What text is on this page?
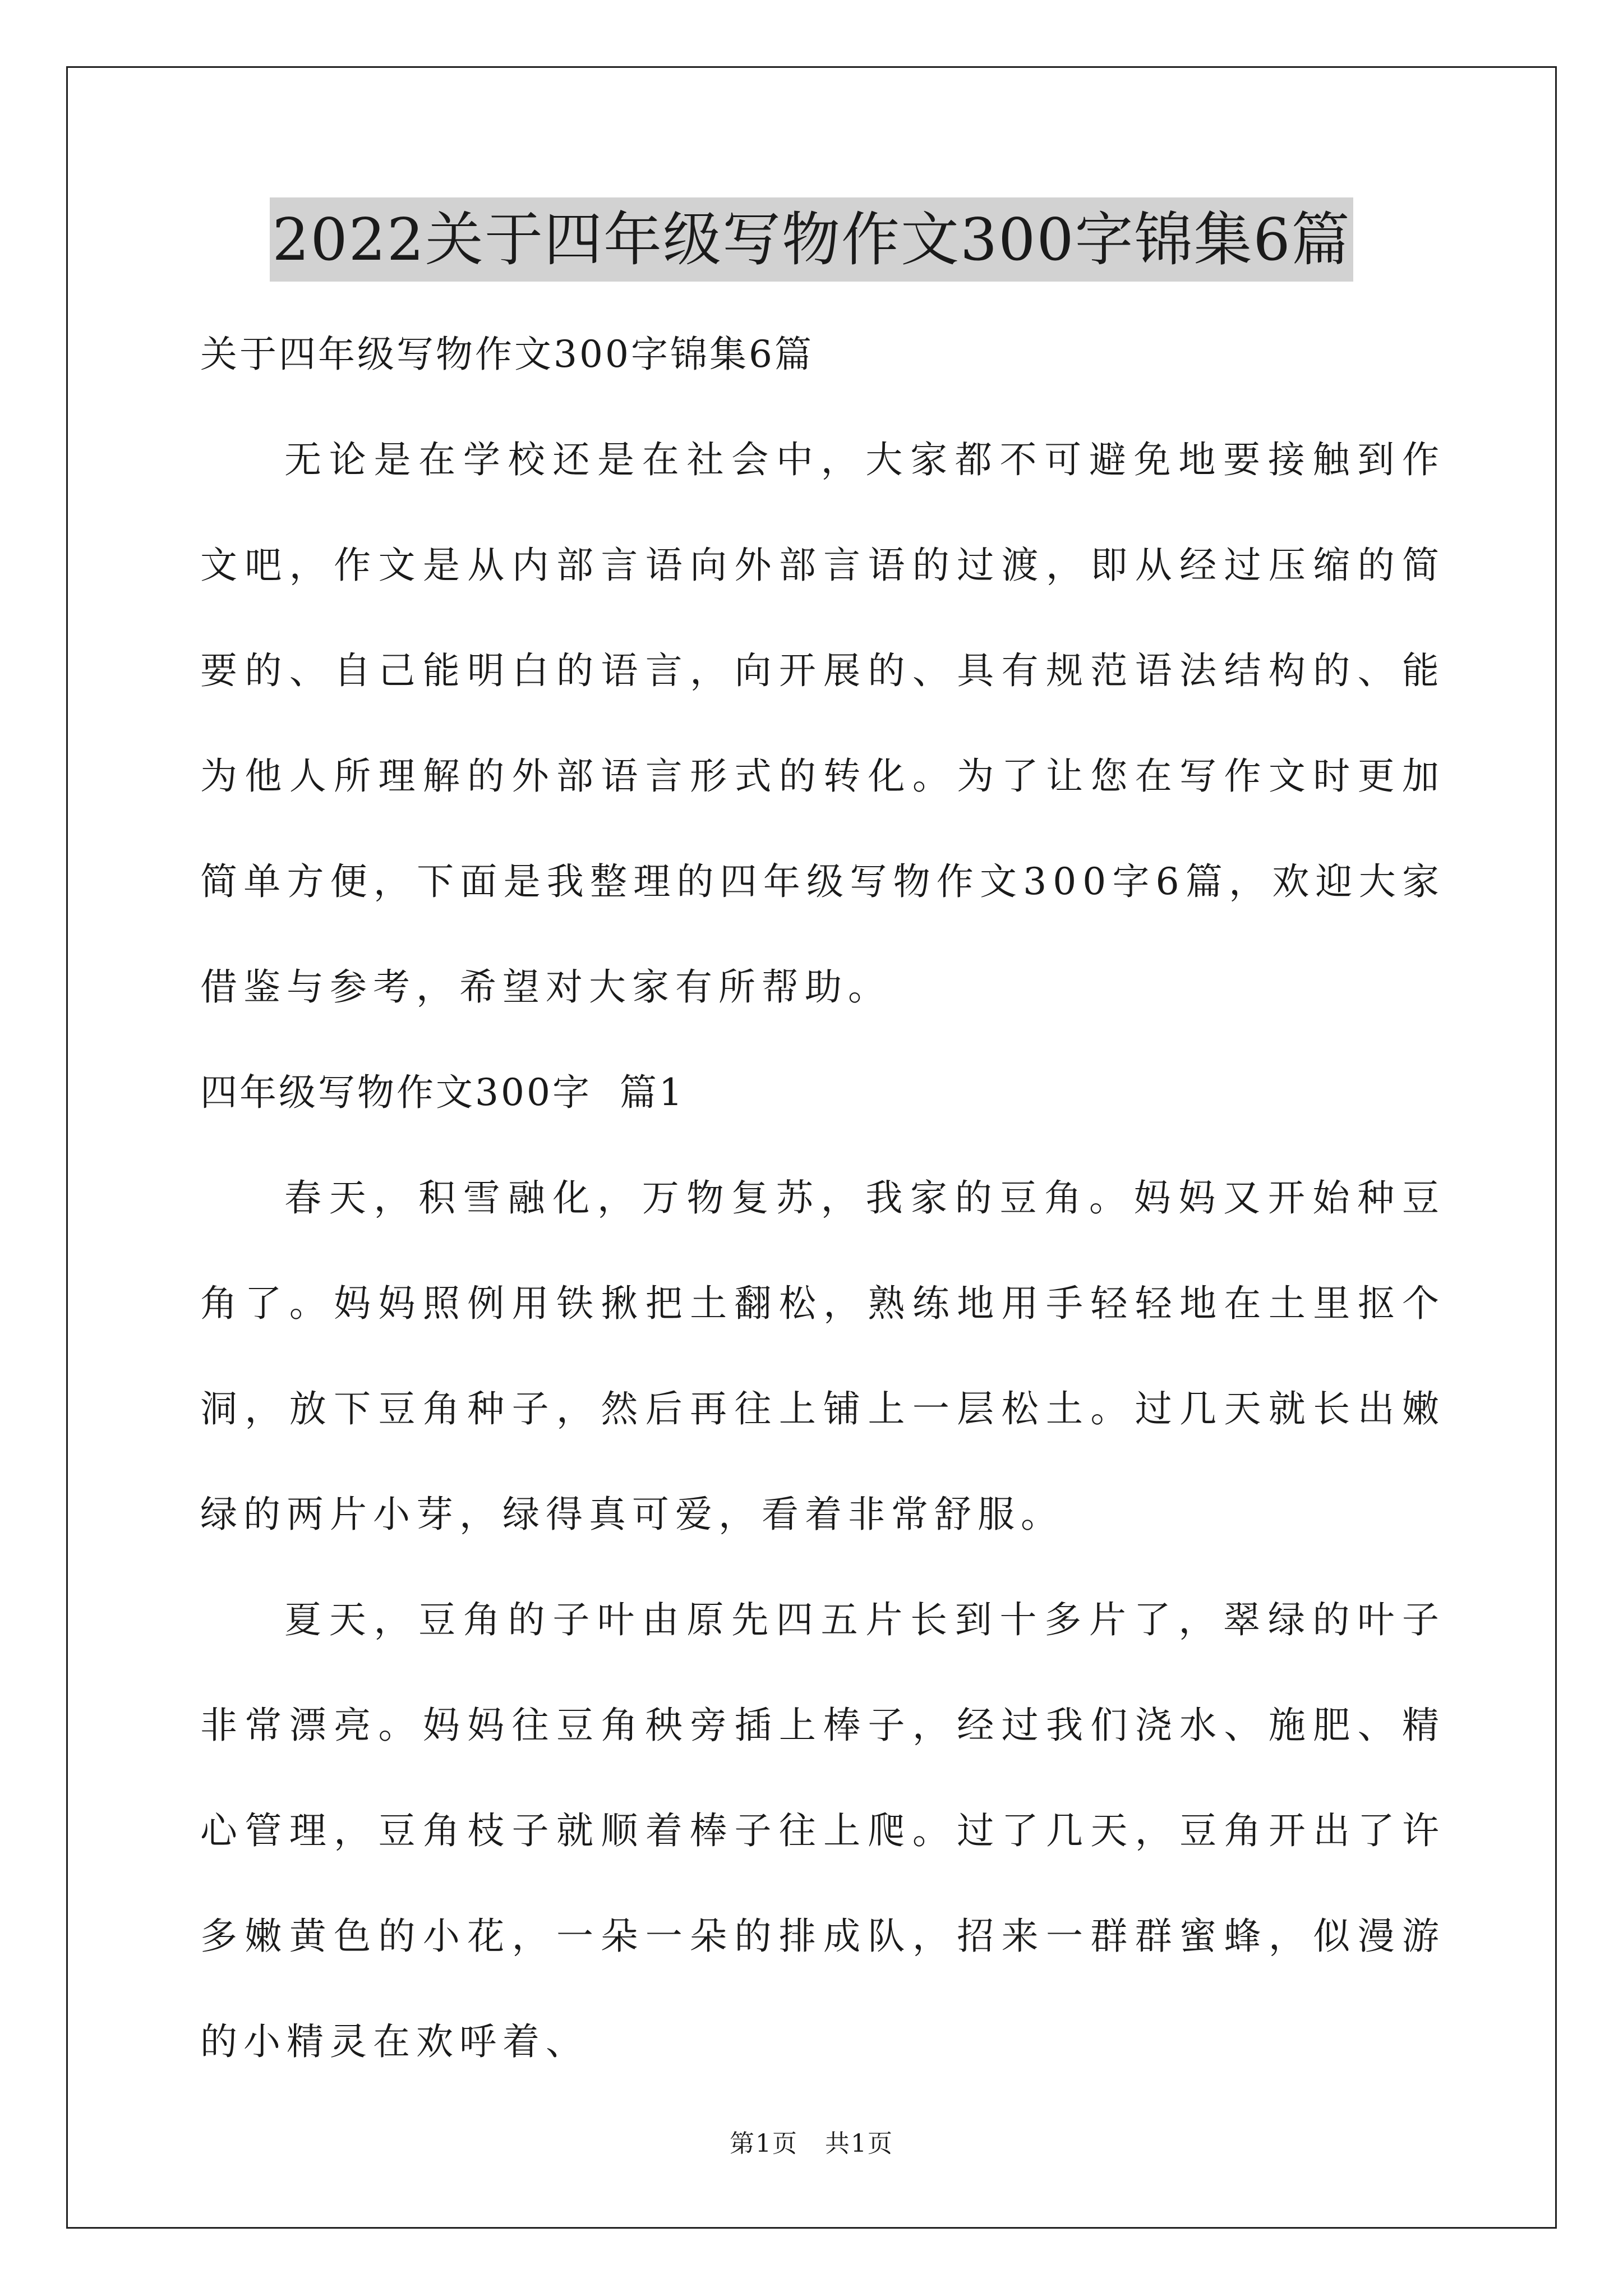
2022关于四年级写物作文300字锦集6篇

关于四年级写物作文300字锦集6篇

无论是在学校还是在社会中，大家都不可避免地要接触到作文吧，作文是从内部言语向外部言语的过渡，即从经过压缩的简要的、自己能明白的语言，向开展的、具有规范语法结构的、能为他人所理解的外部语言形式的转化。为了让您在写作文时更加简单方便，下面是我整理的四年级写物作文300字6篇，欢迎大家借鉴与参考，希望对大家有所帮助。

四年级写物作文300字  篇1

春天，积雪融化，万物复苏，我家的豆角。妈妈又开始种豆角了。妈妈照例用铁揪把土翻松，熟练地用手轻轻地在土里抠个洞，放下豆角种子，然后再往上铺上一层松土。过几天就长出嫩绿的两片小芽，绿得真可爱，看着非常舒服。

夏天，豆角的子叶由原先四五片长到十多片了，翠绿的叶子非常漂亮。妈妈往豆角秧旁插上棒子，经过我们浇水、施肥、精心管理，豆角枝子就顺着棒子往上爬。过了几天，豆角开出了许多嫩黄色的小花，一朵一朵的排成队，招来一群群蜜蜂，似漫游的小精灵在欢呼着、

第1页   共1页
